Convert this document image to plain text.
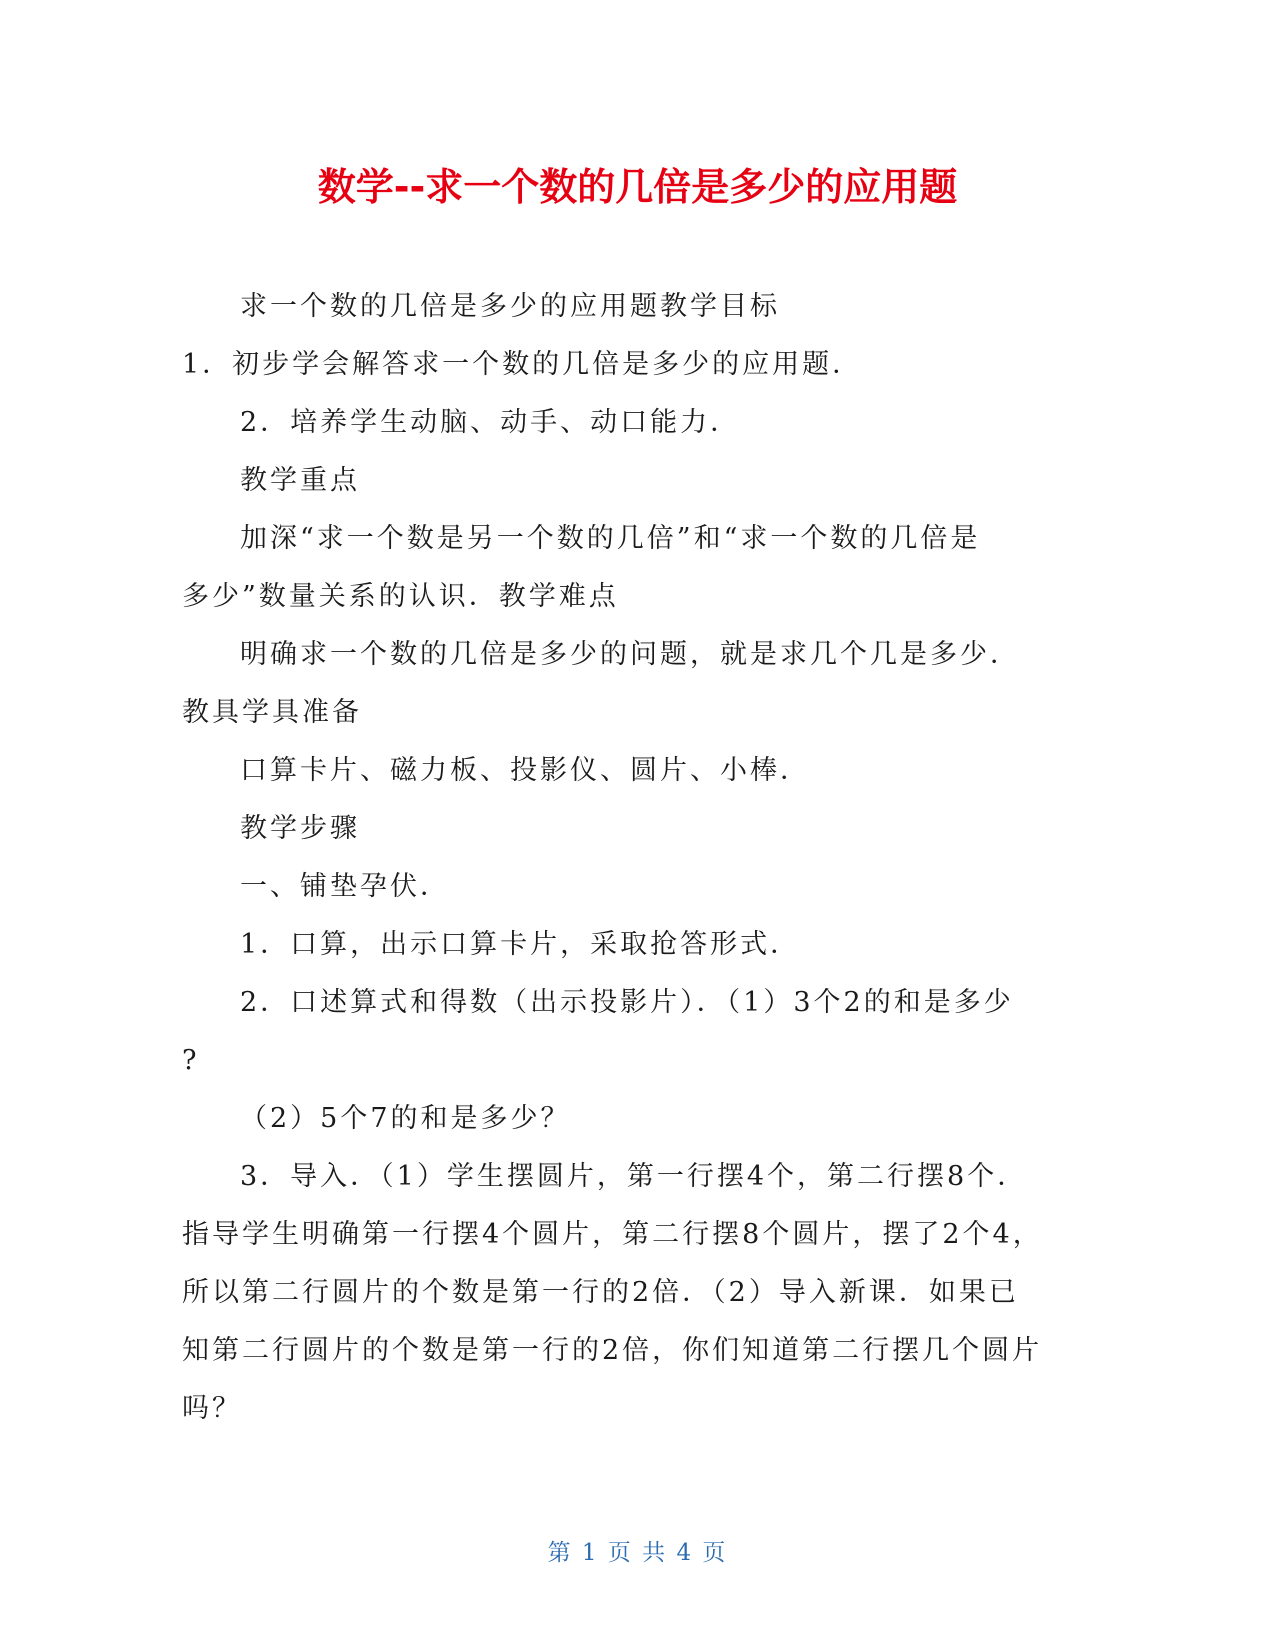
数学--求一个数的几倍是多少的应用题
求一个数的几倍是多少的应用题教学目标
1．初步学会解答求一个数的几倍是多少的应用题．
2．培养学生动脑、动手、动口能力．
教学重点
加深“求一个数是另一个数的几倍”和“求一个数的几倍是
多少”数量关系的认识．教学难点
明确求一个数的几倍是多少的问题，就是求几个几是多少．
教具学具准备
口算卡片、磁力板、投影仪、圆片、小棒．
教学步骤
一、铺垫孕伏．
1．口算，出示口算卡片，采取抢答形式．
2．口述算式和得数（出示投影片）．（1）3个2的和是多少
?
（2）5个7的和是多少？
3．导入．（1）学生摆圆片，第一行摆4个，第二行摆8个．
指导学生明确第一行摆4个圆片，第二行摆8个圆片，摆了2个4，
所以第二行圆片的个数是第一行的2倍．（2）导入新课．如果已
知第二行圆片的个数是第一行的2倍，你们知道第二行摆几个圆片
吗？
第 1 页 共 4 页
